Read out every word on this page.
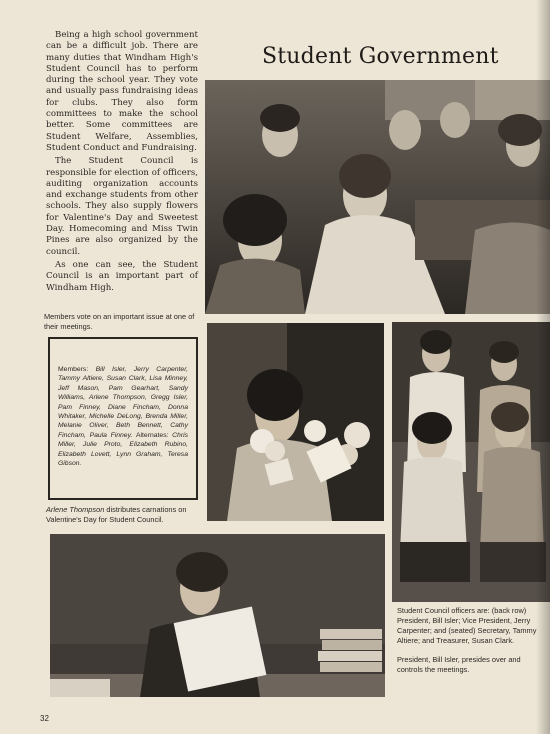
Student Government

Being a high school government can be a difficult job. There are many duties that Windham High's Student Council has to perform during the school year. They vote and usually pass fundraising ideas for clubs. They also form committees to make the school better. Some committees are Student Welfare, Assemblies, Student Conduct and Fundraising.

The Student Council is responsible for election of officers, auditing organization accounts and exchange students from other schools. They also supply flowers for Valentine's Day and Sweetest Day. Homecoming and Miss Twin Pines are also organized by the council.

As one can see, the Student Council is an important part of Windham High.

Members vote on an important issue at one of their meetings.
Members: Bill Isler, Jerry Carpenter, Tammy Altiere, Susan Clark, Lisa Minney, Jeff Mason, Pam Gearhart, Sandy Williams, Arlene Thompson, Gregg Isler, Pam Finney, Diane Fincham, Donna Whitaker, Michelle DeLong, Brenda Miller, Melanie Oliver, Beth Bennett, Cathy Fincham, Paula Finney. Alternates: Chris Miller, Julie Proto, Elizabeth Rubino, Elizabeth Lovett, Lynn Graham, Teresa Gibson.
Arlene Thompson distributes carnations on Valentine's Day for Student Council.
Student Council officers are: (back row) President, Bill Isler; Vice President, Jerry Carpenter; and (seated) Secretary, Tammy Altiere; and Treasurer, Susan Clark.
President, Bill Isler, presides over and controls the meetings.
32
